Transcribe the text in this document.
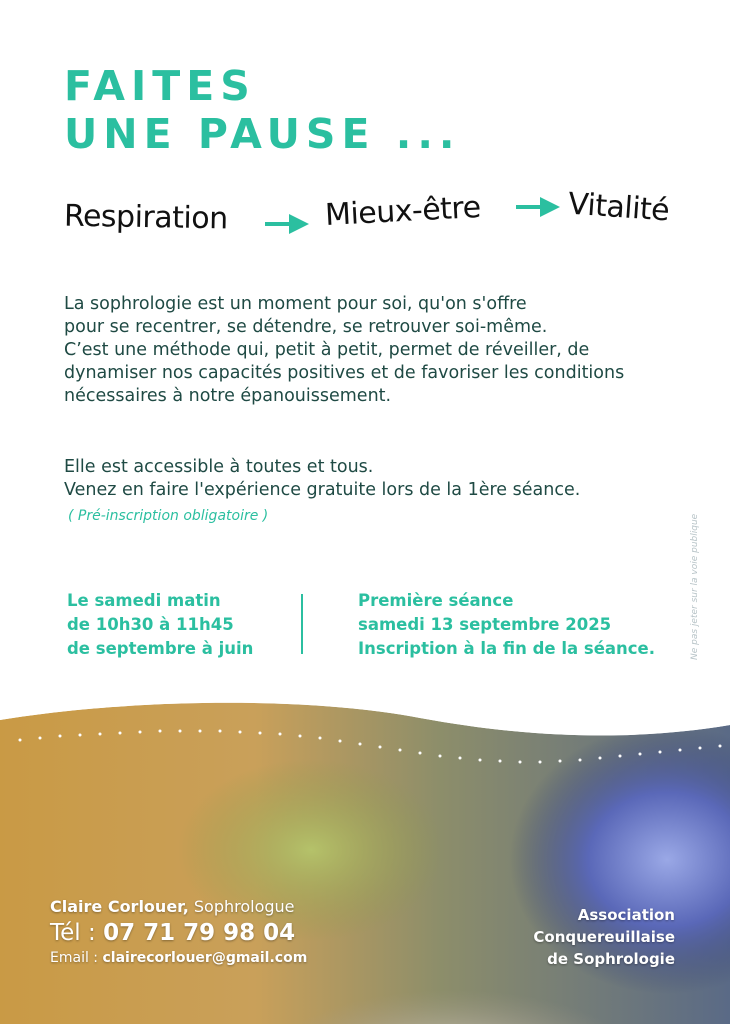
FAITES
UNE PAUSE ...
Respiration	Mieux-être	Vitalité
La sophrologie est un moment pour soi, qu'on s'offre
pour se recentrer, se détendre, se retrouver soi-même.
C’est une méthode qui, petit à petit, permet de réveiller, de
dynamiser nos capacités positives et de favoriser les conditions
nécessaires à notre épanouissement.
Elle est accessible à toutes et tous.
Venez en faire l'expérience gratuite lors de la 1ère séance.
( Pré-inscription obligatoire )
Le samedi matin
de 10h30 à 11h45
de septembre à juin
Première séance
samedi 13 septembre 2025
Inscription à la fin de la séance.	Ne pas jeter sur la voie publique
Claire Corlouer, Sophrologue
Tél : 07 71 79 98 04
Email : clairecorlouer@gmail.com
Association
Conquereuillaise
de Sophrologie
